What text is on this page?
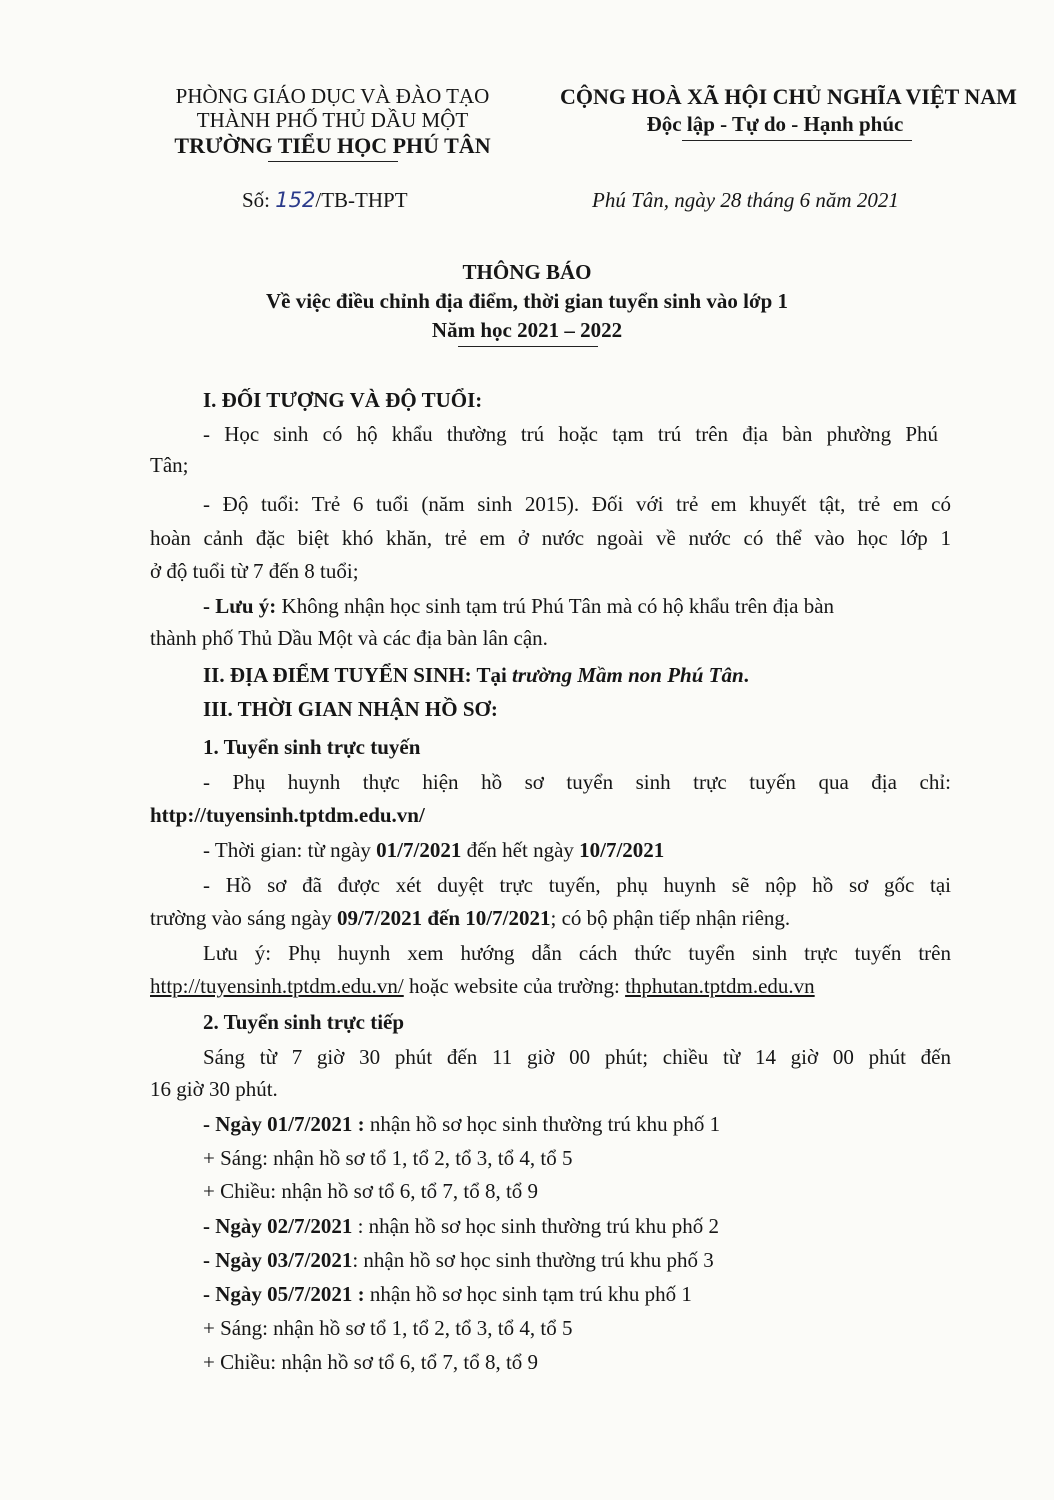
PHÒNG GIÁO DỤC VÀ ĐÀO TẠO
THÀNH PHỐ THỦ DẦU MỘT
TRƯỜNG TIỂU HỌC PHÚ TÂN
CỘNG HOÀ XÃ HỘI CHỦ NGHĨA VIỆT NAM
Độc lập - Tự do - Hạnh phúc
Số: 152/TB-THPT	Phú Tân, ngày 28 tháng 6 năm 2021
THÔNG BÁO
Về việc điều chỉnh địa điểm, thời gian tuyển sinh vào lớp 1
Năm học 2021 – 2022
I. ĐỐI TƯỢNG VÀ ĐỘ TUỔI:
- Học sinh có hộ khẩu thường trú hoặc tạm trú trên địa bàn phường Phú
Tân;
- Độ tuổi: Trẻ 6 tuổi (năm sinh 2015). Đối với trẻ em khuyết tật, trẻ em có
hoàn cảnh đặc biệt khó khăn, trẻ em ở nước ngoài về nước có thể vào học lớp 1
ở độ tuổi từ 7 đến 8 tuổi;
- Lưu ý: Không nhận học sinh tạm trú Phú Tân mà có hộ khẩu trên địa bàn
thành phố Thủ Dầu Một và các địa bàn lân cận.
II. ĐỊA ĐIỂM TUYỂN SINH: Tại trường Mầm non Phú Tân.
III. THỜI GIAN NHẬN HỒ SƠ:
1. Tuyển sinh trực tuyến
- Phụ huynh thực hiện hồ sơ tuyển sinh trực tuyến qua địa chỉ:
http://tuyensinh.tptdm.edu.vn/
- Thời gian: từ ngày 01/7/2021 đến hết ngày 10/7/2021
- Hồ sơ đã được xét duyệt trực tuyến, phụ huynh sẽ nộp hồ sơ gốc tại
trường vào sáng ngày 09/7/2021 đến 10/7/2021; có bộ phận tiếp nhận riêng.
Lưu ý: Phụ huynh xem hướng dẫn cách thức tuyển sinh trực tuyến trên
http://tuyensinh.tptdm.edu.vn/ hoặc website của trường: thphutan.tptdm.edu.vn
2. Tuyển sinh trực tiếp
Sáng từ 7 giờ 30 phút đến 11 giờ 00 phút; chiều từ 14 giờ 00 phút đến
16 giờ 30 phút.
- Ngày 01/7/2021 : nhận hồ sơ học sinh thường trú khu phố 1
+ Sáng: nhận hồ sơ tổ 1, tổ 2, tổ 3, tổ 4, tổ 5
+ Chiều: nhận hồ sơ tổ 6, tổ 7, tổ 8, tổ 9
- Ngày 02/7/2021 : nhận hồ sơ học sinh thường trú khu phố 2
- Ngày 03/7/2021: nhận hồ sơ học sinh thường trú khu phố 3
- Ngày 05/7/2021 : nhận hồ sơ học sinh tạm trú khu phố 1
+ Sáng: nhận hồ sơ tổ 1, tổ 2, tổ 3, tổ 4, tổ 5
+ Chiều: nhận hồ sơ tổ 6, tổ 7, tổ 8, tổ 9
